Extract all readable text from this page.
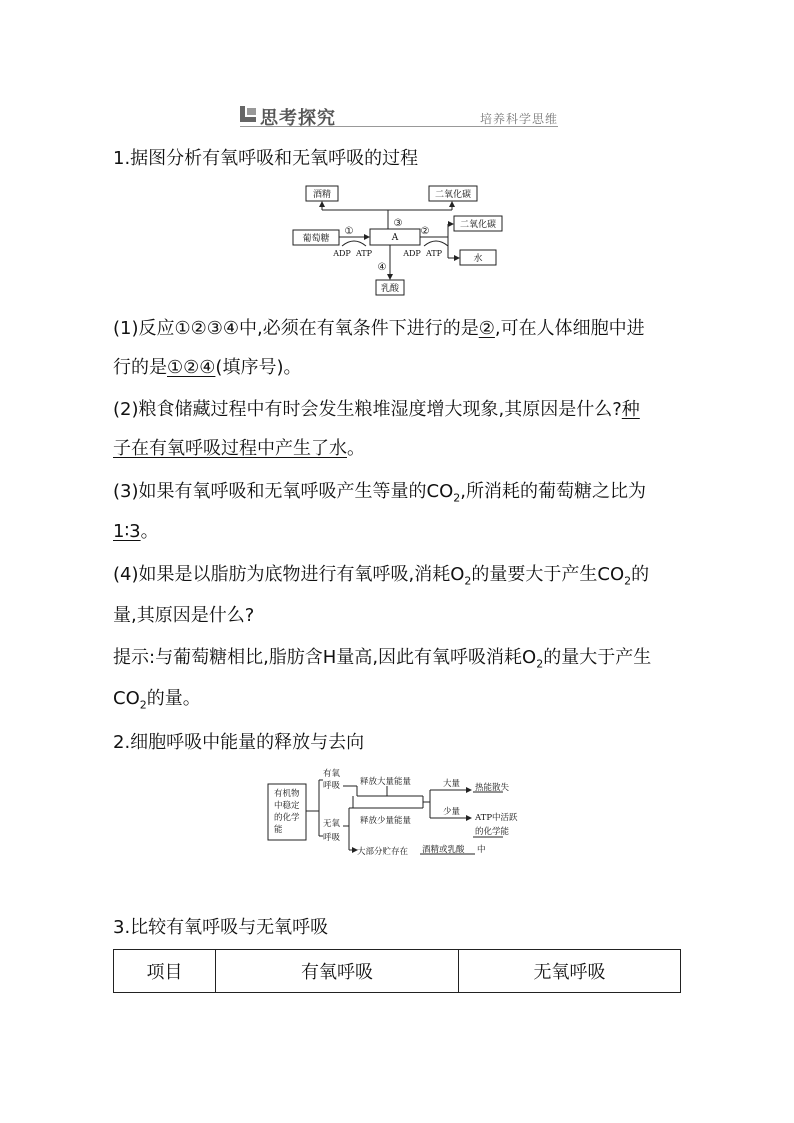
思考探究	培养科学思维
1.据图分析有氧呼吸和无氧呼吸的过程
酒精	二氧化碳
葡萄糖	A
二氧化碳
水
乳酸
ADP ATP	ADP ATP
①	②
③
④
(1)反应①②③④中,必须在有氧条件下进行的是②,可在人体细胞中进
行的是①②④(填序号)。
(2)粮食储藏过程中有时会发生粮堆湿度增大现象,其原因是什么?种
子在有氧呼吸过程中产生了水。
(3)如果有氧呼吸和无氧呼吸产生等量的$CO_2$,所消耗的葡萄糖之比为
1∶3。
(4)如果是以脂肪为底物进行有氧呼吸,消耗$O_2$的量要大于产生$CO_2$的
量,其原因是什么?
提示:与葡萄糖相比,脂肪含H量高,因此有氧呼吸消耗$O_2$的量大于产生
$CO_2$的量。
2.细胞呼吸中能量的释放与去向
有机物
中稳定
的化学
能
有氧
呼吸
无氧
呼吸
释放大量能量
释放少量能量
大部分贮存在
大量
少量
热能散失
ATP中活跃
的化学能
酒精或乳酸 中
3.比较有氧呼吸与无氧呼吸
项目	有氧呼吸	无氧呼吸
